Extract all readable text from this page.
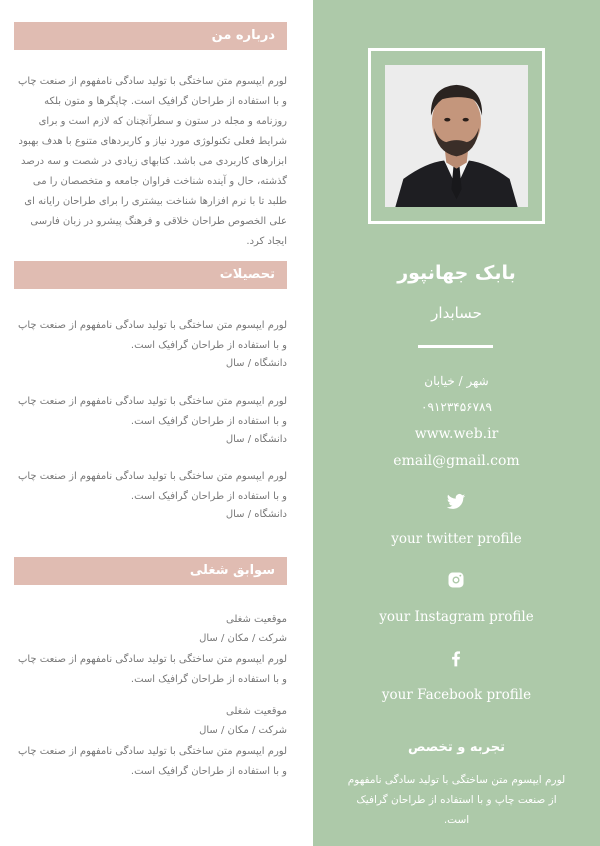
بابک جهانپور
حسابدار
شهر / خیابان
۰۹۱۲۳۴۵۶۷۸۹
www.web.ir
email@gmail.com
your twitter profile
your Instagram profile
your Facebook profile
تجربه و تخصص
لورم ایپسوم متن ساختگی با تولید سادگی نامفهوم از صنعت چاپ و با استفاده از طراحان گرافیک است.
درباره من
لورم ایپسوم متن ساختگی با تولید سادگی نامفهوم از صنعت چاپ و با استفاده از طراحان گرافیک است. چاپگرها و متون بلکه روزنامه و مجله در ستون و سطرآنچنان که لازم است و برای شرایط فعلی تکنولوژی مورد نیاز و کاربردهای متنوع با هدف بهبود ابزارهای کاربردی می باشد. کتابهای زیادی در شصت و سه درصد گذشته، حال و آینده شناخت فراوان جامعه و متخصصان را می طلبد تا با نرم افزارها شناخت بیشتری را برای طراحان رایانه ای علی الخصوص طراحان خلاقی و فرهنگ پیشرو در زبان فارسی ایجاد کرد.
تحصیلات
لورم ایپسوم متن ساختگی با تولید سادگی نامفهوم از صنعت چاپ و با استفاده از طراحان گرافیک است.
دانشگاه / سال
لورم ایپسوم متن ساختگی با تولید سادگی نامفهوم از صنعت چاپ و با استفاده از طراحان گرافیک است.
دانشگاه / سال
لورم ایپسوم متن ساختگی با تولید سادگی نامفهوم از صنعت چاپ و با استفاده از طراحان گرافیک است.
دانشگاه / سال
سوابق شغلی
موقعیت شغلی
شرکت / مکان / سال
لورم ایپسوم متن ساختگی با تولید سادگی نامفهوم از صنعت چاپ و با استفاده از طراحان گرافیک است.
موقعیت شغلی
شرکت / مکان / سال
لورم ایپسوم متن ساختگی با تولید سادگی نامفهوم از صنعت چاپ و با استفاده از طراحان گرافیک است.
